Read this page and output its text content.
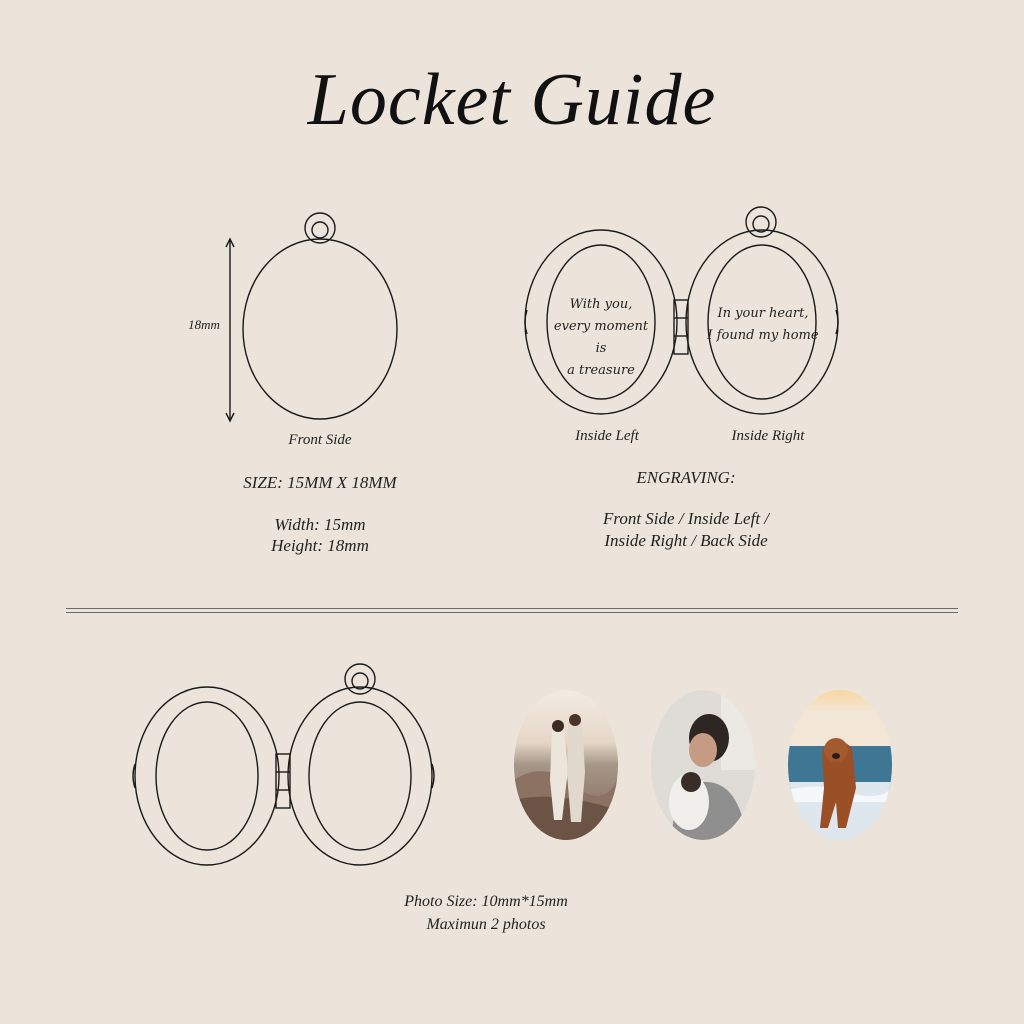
Locket Guide
18mm
Front Side
SIZE: 15MM X 18MM
Width: 15mm
Height: 18mm
With you,
every moment is
a treasure
In your heart,
I found my home
Inside Left	Inside Right
ENGRAVING:
Front Side / Inside Left /
Inside Right / Back Side
Photo Size: 10mm*15mm
Maximun 2 photos
